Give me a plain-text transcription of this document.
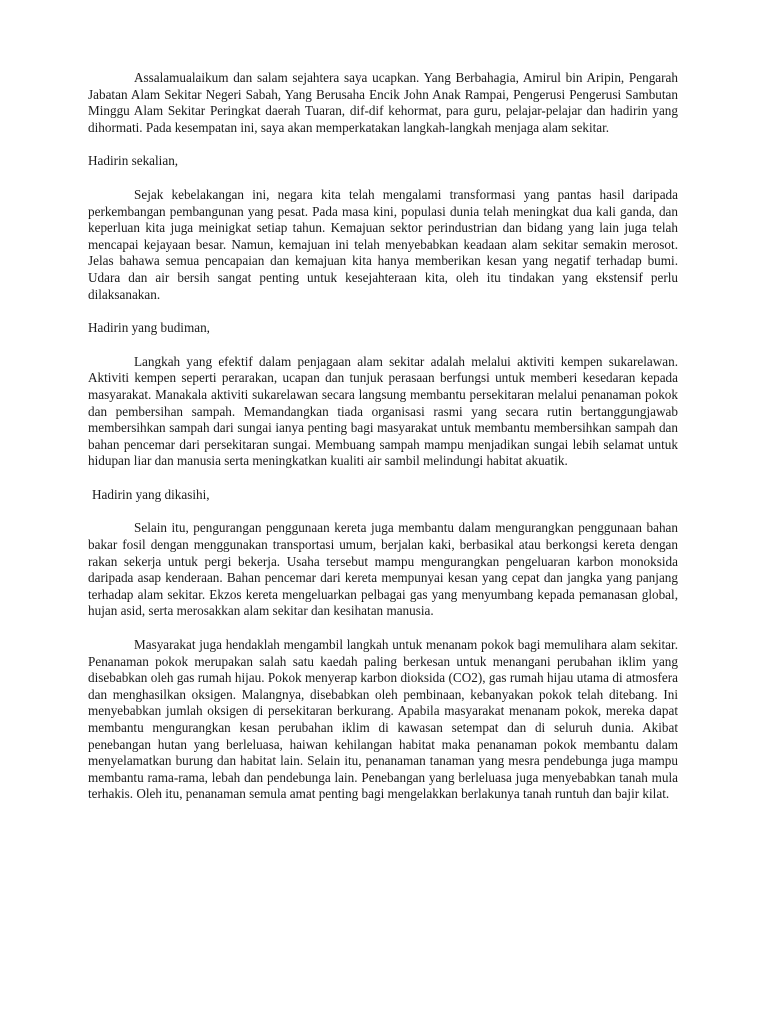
Assalamualaikum dan salam sejahtera saya ucapkan. Yang Berbahagia, Amirul bin Aripin, Pengarah Jabatan Alam Sekitar Negeri Sabah, Yang Berusaha Encik John Anak Rampai, Pengerusi Pengerusi Sambutan Minggu Alam Sekitar Peringkat daerah Tuaran, dif-dif kehormat, para guru, pelajar-pelajar dan hadirin yang dihormati. Pada kesempatan ini, saya akan memperkatakan langkah-langkah menjaga alam sekitar.

Hadirin sekalian,

Sejak kebelakangan ini, negara kita telah mengalami transformasi yang pantas hasil daripada perkembangan pembangunan yang pesat. Pada masa kini, populasi dunia telah meningkat dua kali ganda, dan keperluan kita juga meinigkat setiap tahun. Kemajuan sektor perindustrian dan bidang yang lain juga telah mencapai kejayaan besar. Namun, kemajuan ini telah menyebabkan keadaan alam sekitar semakin merosot. Jelas bahawa semua pencapaian dan kemajuan kita hanya memberikan kesan yang negatif terhadap bumi. Udara dan air bersih sangat penting untuk kesejahteraan kita, oleh itu tindakan yang ekstensif perlu dilaksanakan.

Hadirin yang budiman,

Langkah yang efektif dalam penjagaan alam sekitar adalah melalui aktiviti kempen sukarelawan. Aktiviti kempen seperti perarakan, ucapan dan tunjuk perasaan berfungsi untuk memberi kesedaran kepada masyarakat. Manakala aktiviti sukarelawan secara langsung membantu persekitaran melalui penanaman pokok dan pembersihan sampah. Memandangkan tiada organisasi rasmi yang secara rutin bertanggungjawab membersihkan sampah dari sungai ianya penting bagi masyarakat untuk membantu membersihkan sampah dan bahan pencemar dari persekitaran sungai. Membuang sampah mampu menjadikan sungai lebih selamat untuk hidupan liar dan manusia serta meningkatkan kualiti air sambil melindungi habitat akuatik.

Hadirin yang dikasihi,

Selain itu, pengurangan penggunaan kereta juga membantu dalam mengurangkan penggunaan bahan bakar fosil dengan menggunakan transportasi umum, berjalan kaki, berbasikal atau berkongsi kereta dengan rakan sekerja untuk pergi bekerja. Usaha tersebut mampu mengurangkan pengeluaran karbon monoksida daripada asap kenderaan. Bahan pencemar dari kereta mempunyai kesan yang cepat dan jangka yang panjang terhadap alam sekitar. Ekzos kereta mengeluarkan pelbagai gas yang menyumbang kepada pemanasan global, hujan asid, serta merosakkan alam sekitar dan kesihatan manusia.

Masyarakat juga hendaklah mengambil langkah untuk menanam pokok bagi memulihara alam sekitar. Penanaman pokok merupakan salah satu kaedah paling berkesan untuk menangani perubahan iklim yang disebabkan oleh gas rumah hijau. Pokok menyerap karbon dioksida (CO2), gas rumah hijau utama di atmosfera dan menghasilkan oksigen. Malangnya, disebabkan oleh pembinaan, kebanyakan pokok telah ditebang. Ini menyebabkan jumlah oksigen di persekitaran berkurang. Apabila masyarakat menanam pokok, mereka dapat membantu mengurangkan kesan perubahan iklim di kawasan setempat dan di seluruh dunia. Akibat penebangan hutan yang berleluasa, haiwan kehilangan habitat maka penanaman pokok membantu dalam menyelamatkan burung dan habitat lain. Selain itu, penanaman tanaman yang mesra pendebunga juga mampu membantu rama-rama, lebah dan pendebunga lain. Penebangan yang berleluasa juga menyebabkan tanah mula terhakis. Oleh itu, penanaman semula amat penting bagi mengelakkan berlakunya tanah runtuh dan bajir kilat.
